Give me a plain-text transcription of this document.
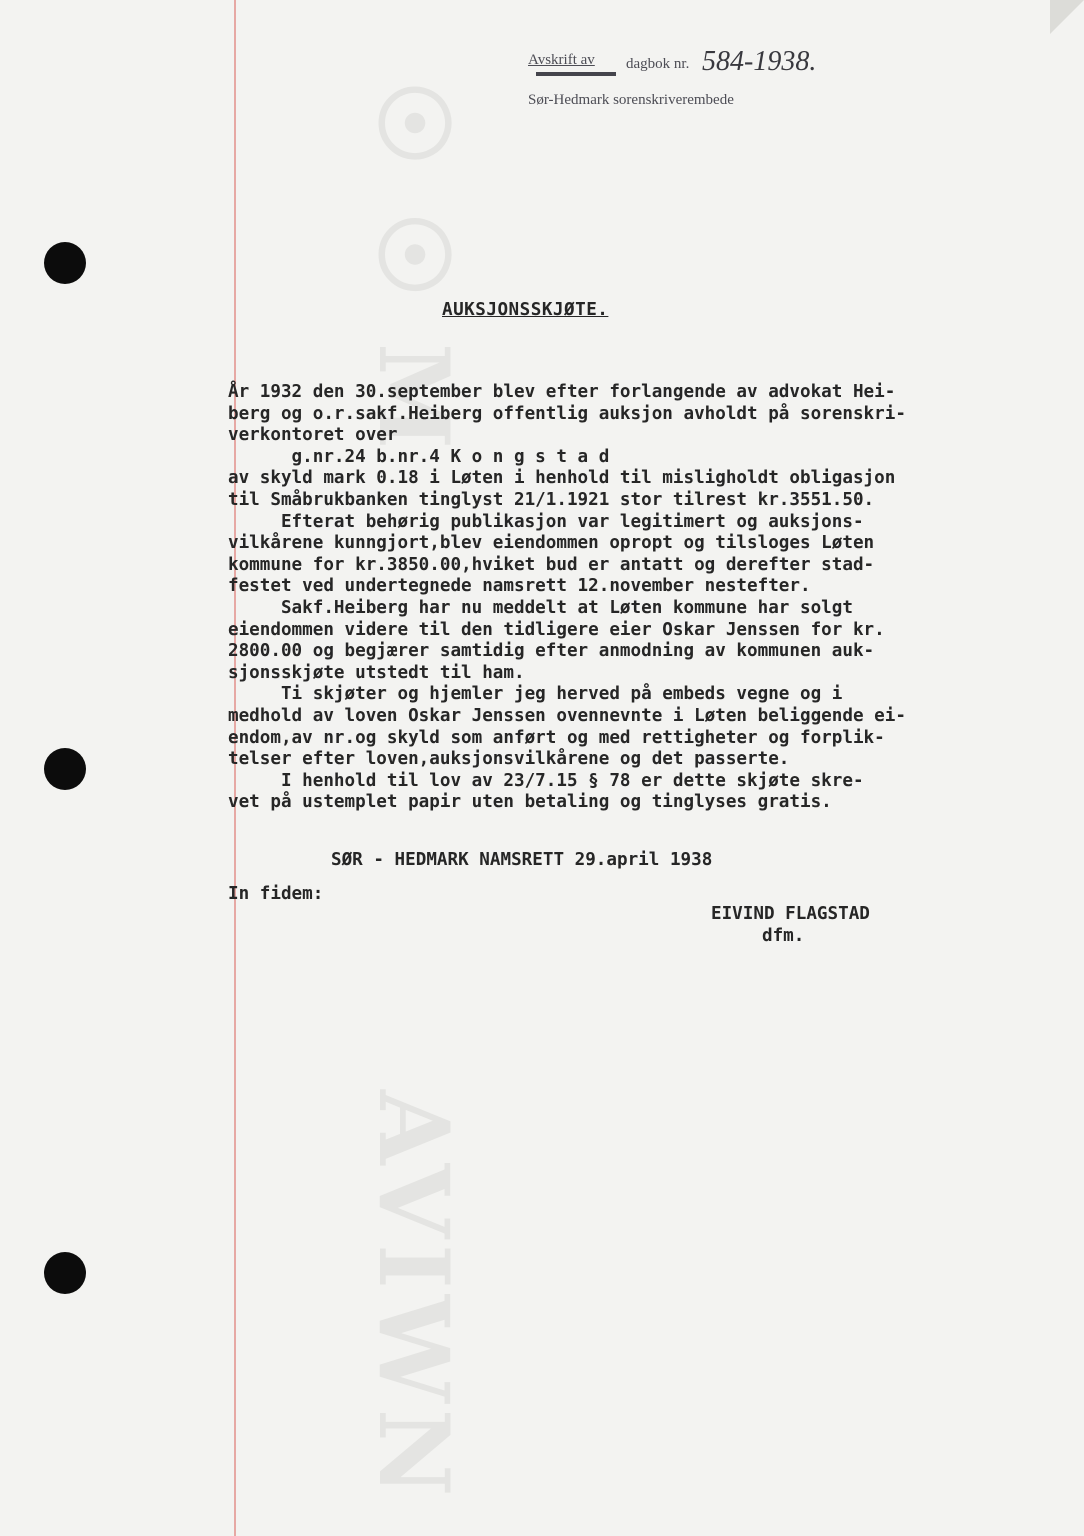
☉ ☉ M
AVIWN
Avskrift av dagbok nr. 584-1938.
Sør-Hedmark sorenskriverembede
AUKSJONSSKJØTE.
År 1932 den 30.september blev efter forlangende av advokat Hei-
berg og o.r.sakf.Heiberg offentlig auksjon avholdt på sorenskri-
verkontoret over
g.nr.24 b.nr.4 K o n g s t a d
av skyld mark 0.18 i Løten i henhold til misligholdt obligasjon
til Småbrukbanken tinglyst 21/1.1921 stor tilrest kr.3551.50.
Efterat behørig publikasjon var legitimert og auksjons-
vilkårene kunngjort,blev eiendommen opropt og tilsloges Løten
kommune for kr.3850.00,hviket bud er antatt og derefter stad-
festet ved undertegnede namsrett 12.november nestefter.
Sakf.Heiberg har nu meddelt at Løten kommune har solgt
eiendommen videre til den tidligere eier Oskar Jenssen for kr.
2800.00 og begjærer samtidig efter anmodning av kommunen auk-
sjonsskjøte utstedt til ham.
Ti skjøter og hjemler jeg herved på embeds vegne og i
medhold av loven Oskar Jenssen ovennevnte i Løten beliggende ei-
endom,av nr.og skyld som anført og med rettigheter og forplik-
telser efter loven,auksjonsvilkårene og det passerte.
I henhold til lov av 23/7.15 § 78 er dette skjøte skre-
vet på ustemplet papir uten betaling og tinglyses gratis.
SØR - HEDMARK NAMSRETT 29.april 1938
In fidem:
EIVIND FLAGSTAD
dfm.
